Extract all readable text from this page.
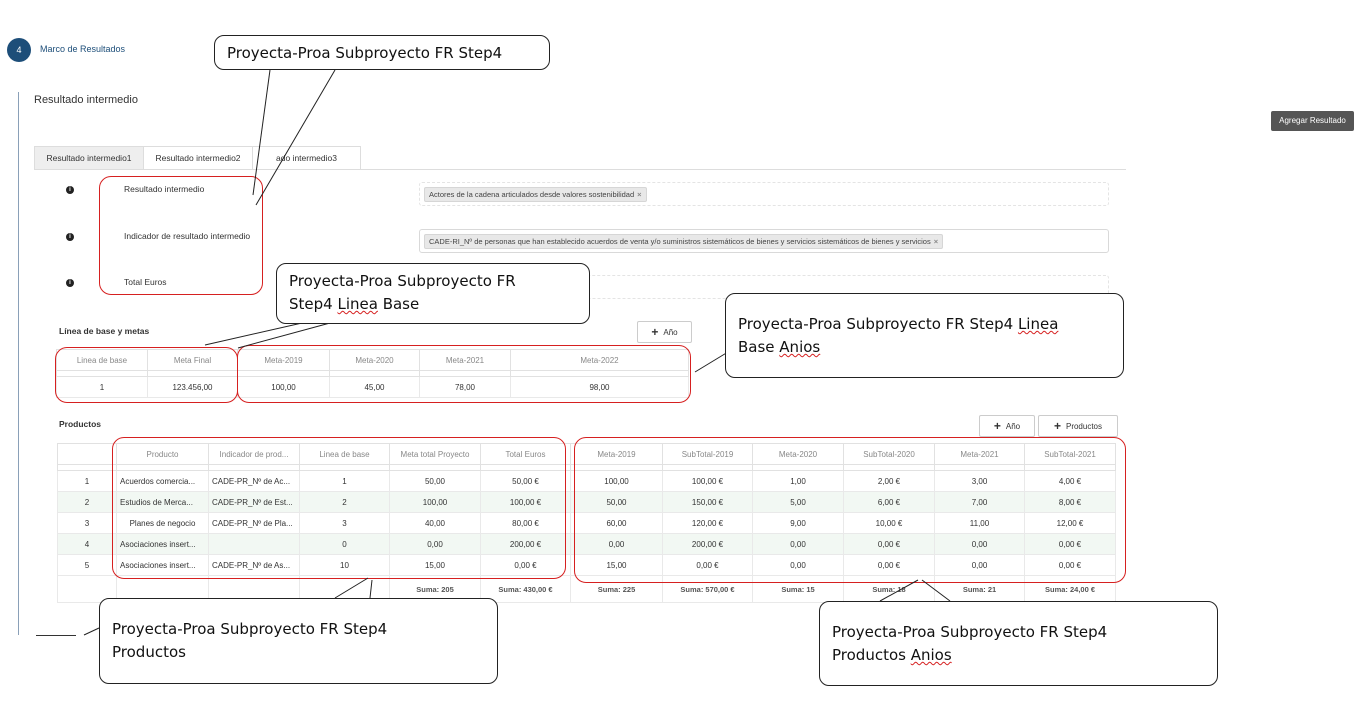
4	Marco de Resultados
Resultado intermedio
Agregar Resultado
Resultado intermedio1	Resultado intermedio2	ado intermedio3
i	Resultado intermedio
Actores de la cadena articulados desde valores sostenibilidad ×
i	Indicador de resultado intermedio
CADE-RI_Nº de personas que han establecido acuerdos de venta y/o suministros sistemáticos de bienes y servicios sistemáticos de bienes y servicios ×
i	Total Euros
Línea de base y metas	+ Año
Linea de base	Meta Final	Meta-2019	Meta-2020	Meta-2021	Meta-2022

1	123.456,00	100,00	45,00	78,00	98,00
Productos	+ Año	+ Productos
	Producto	Indicador de prod...	Linea de base	Meta total Proyecto	Total Euros	Meta-2019	SubTotal-2019	Meta-2020	SubTotal-2020	Meta-2021	SubTotal-2021

1	Acuerdos comercia...	CADE-PR_Nº de Ac...	1	50,00	50,00 €	100,00	100,00 €	1,00	2,00 €	3,00	4,00 €
2	Estudios de Merca...	CADE-PR_Nº de Est...	2	100,00	100,00 €	50,00	150,00 €	5,00	6,00 €	7,00	8,00 €
3	Planes de negocio	CADE-PR_Nº de Pla...	3	40,00	80,00 €	60,00	120,00 €	9,00	10,00 €	11,00	12,00 €
4	Asociaciones insert...		0	0,00	200,00 €	0,00	200,00 €	0,00	0,00 €	0,00	0,00 €
5	Asociaciones insert...	CADE-PR_Nº de As...	10	15,00	0,00 €	15,00	0,00 €	0,00	0,00 €	0,00	0,00 €
				Suma: 205	Suma: 430,00 €	Suma: 225	Suma: 570,00 €	Suma: 15	Suma: 18	Suma: 21	Suma: 24,00 €
Proyecta-Proa Subproyecto FR Step4
Proyecta-Proa Subproyecto FR
Step4 Linea Base
Proyecta-Proa Subproyecto FR Step4 Linea
Base Anios
Proyecta-Proa Subproyecto FR Step4
Productos
Proyecta-Proa Subproyecto FR Step4
Productos Anios
